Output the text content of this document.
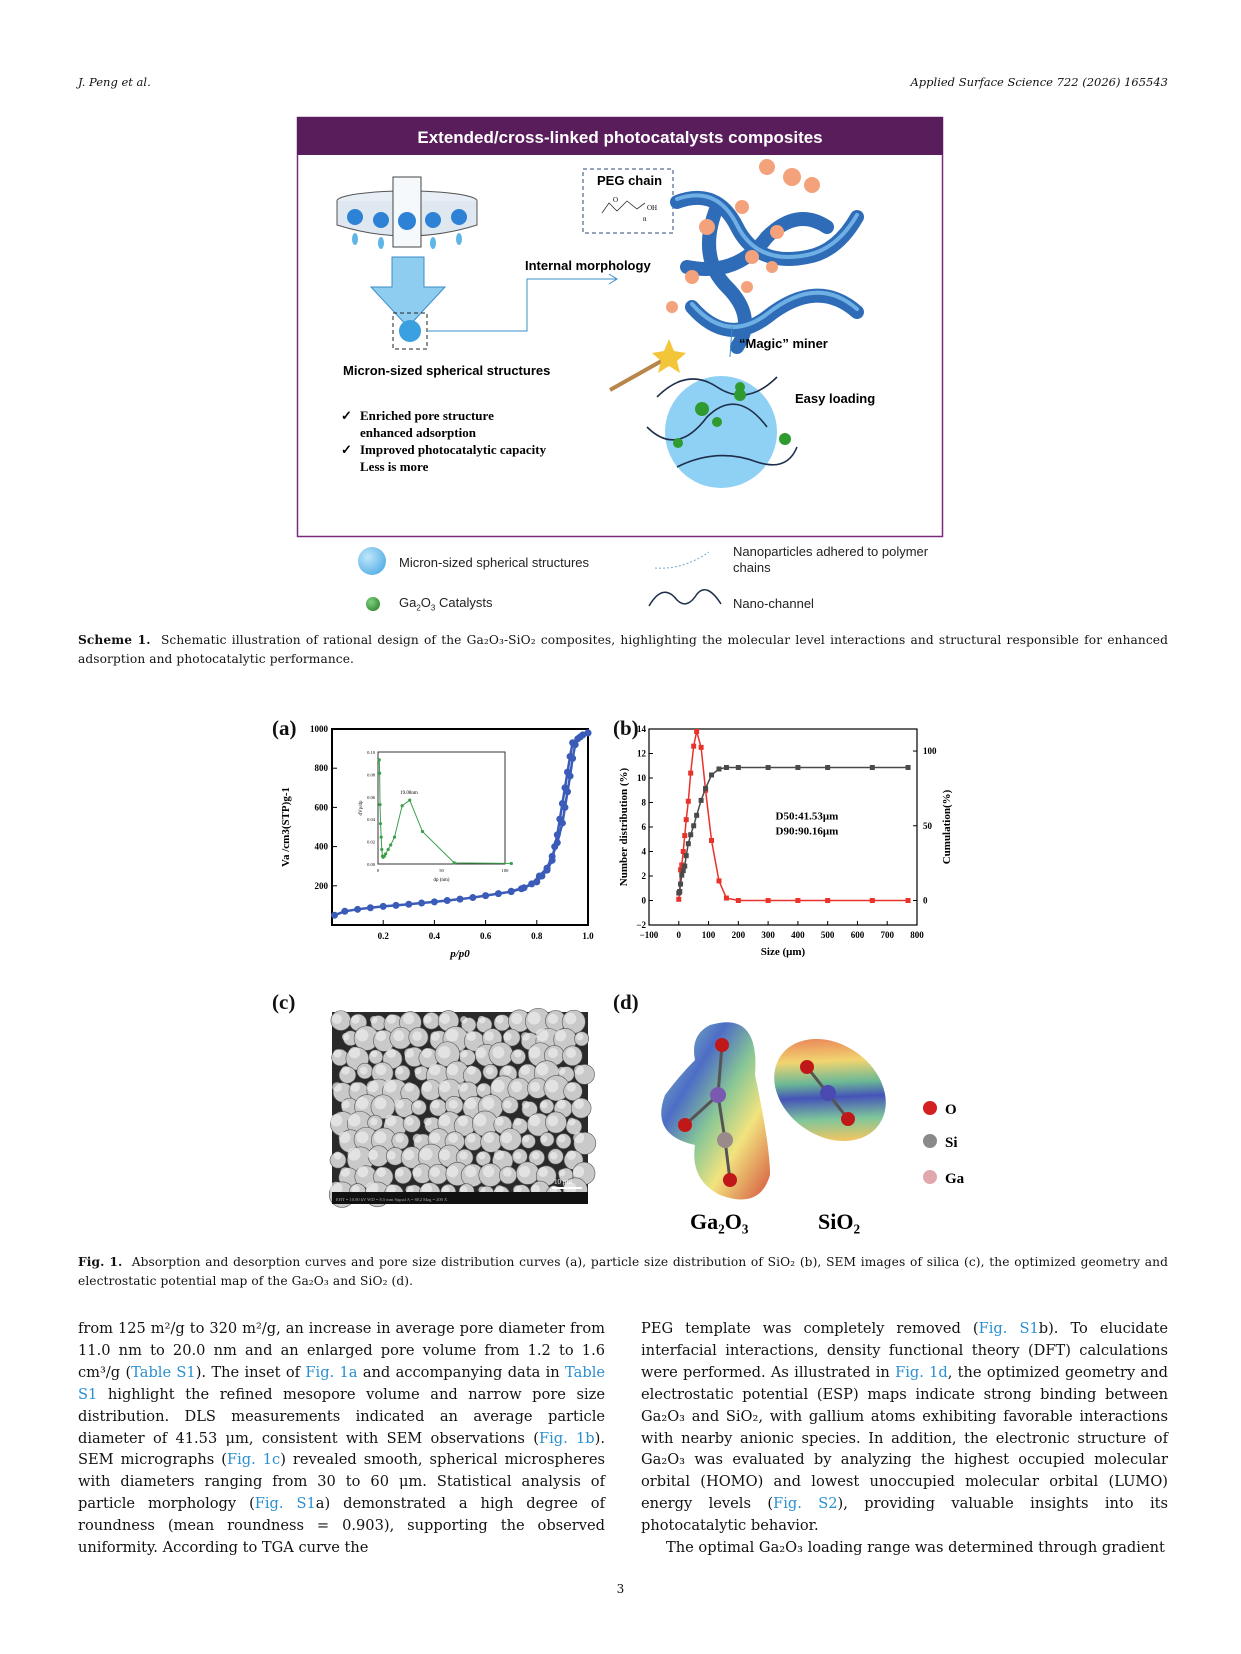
J. Peng et al.	Applied Surface Science 722 (2026) 165543
Extended/cross-linked photocatalysts composites
Internal morphology
PEG chain
O
OH
n
“Magic” miner
Easy loading
Micron-sized spherical structures
✓ Enriched pore structure
enhanced adsorption
✓ Improved photocatalytic capacity
Less is more
Micron-sized spherical structures
$Ga_2O_3$ Catalysts
Nanoparticles adhered to polymer chains
Nano-channel
Scheme 1. Schematic illustration of rational design of the Ga₂O₃-SiO₂ composites, highlighting the molecular level interactions and structural responsible for enhanced adsorption and photocatalytic performance.
(a)	(b)
(c)	(d)
0.2	0.4	0.6	0.8	1.0
200
400
600
800
1000
p/p0
Va /cm3(STP)g-1
0	50	100
0.00
0.02
0.04
0.06
0.08
0.10
dp (nm)
dVp/dp
19.08nm
−100 0 100 200 300 400 500 600 700 800
−2
0
2
4
6
8
10
12
14
0
50
100
Size (μm)
Number distribution (%)	Cumulation(%)
D50:41.53μm
D90:90.16μm
EHT = 10.00 kV WD = 8.5 mm Signal A = SE2 Mag = 200 X
10 μm
Ga₂O₃	SiO₂
O
Si
Ga
Fig. 1. Absorption and desorption curves and pore size distribution curves (a), particle size distribution of SiO₂ (b), SEM images of silica (c), the optimized geometry and electrostatic potential map of the Ga₂O₃ and SiO₂ (d).

from 125 m²/g to 320 m²/g, an increase in average pore diameter from 11.0 nm to 20.0 nm and an enlarged pore volume from 1.2 to 1.6 cm³/g (Table S1). The inset of Fig. 1a and accompanying data in Table S1 highlight the refined mesopore volume and narrow pore size distribution. DLS measurements indicated an average particle diameter of 41.53 μm, consistent with SEM observations (Fig. 1b). SEM micrographs (Fig. 1c) revealed smooth, spherical microspheres with diameters ranging from 30 to 60 μm. Statistical analysis of particle morphology (Fig. S1a) demonstrated a high degree of roundness (mean roundness = 0.903), supporting the observed uniformity. According to TGA curve the

PEG template was completely removed (Fig. S1b). To elucidate interfacial interactions, density functional theory (DFT) calculations were performed. As illustrated in Fig. 1d, the optimized geometry and electrostatic potential (ESP) maps indicate strong binding between Ga₂O₃ and SiO₂, with gallium atoms exhibiting favorable interactions with nearby anionic species. In addition, the electronic structure of Ga₂O₃ was evaluated by analyzing the highest occupied molecular orbital (HOMO) and lowest unoccupied molecular orbital (LUMO) energy levels (Fig. S2), providing valuable insights into its photocatalytic behavior.

The optimal Ga₂O₃ loading range was determined through gradient

3
